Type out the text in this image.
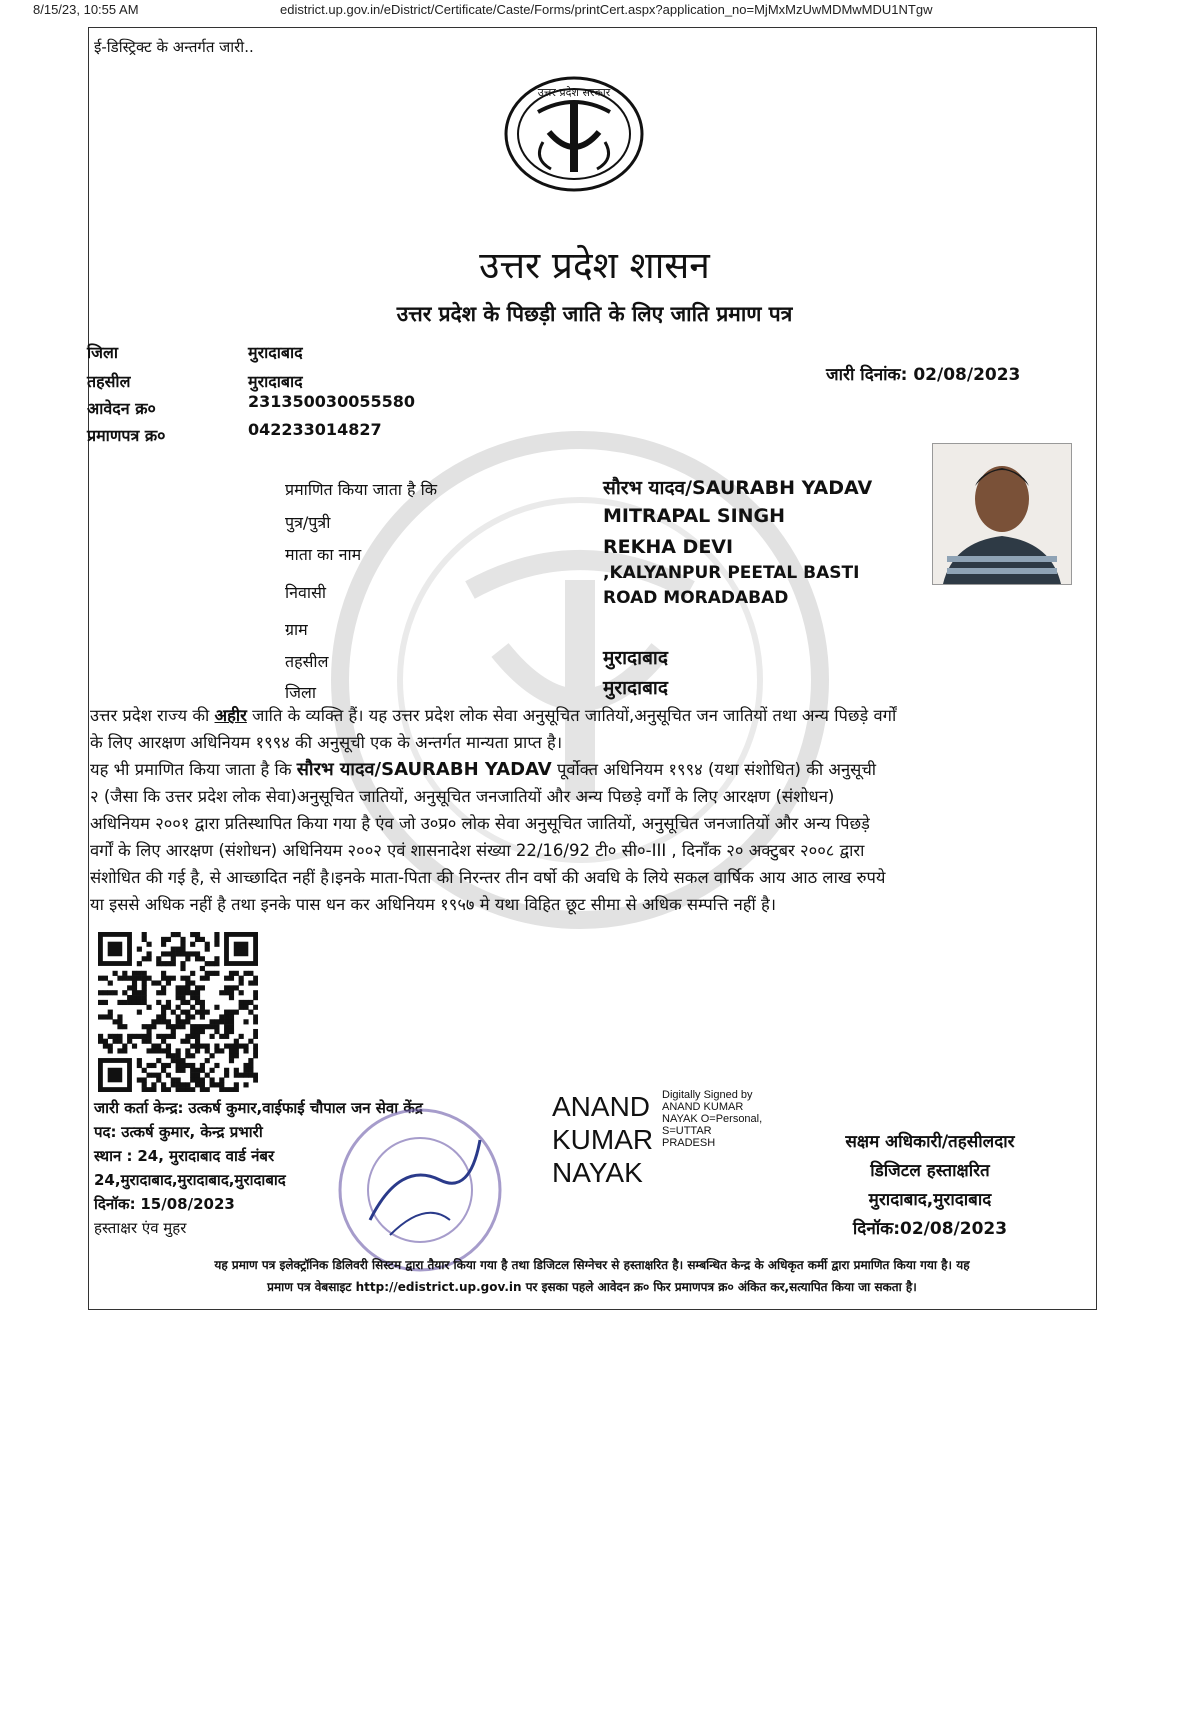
8/15/23, 10:55 AM	edistrict.up.gov.in/eDistrict/Certificate/Caste/Forms/printCert.aspx?application_no=MjMxMzUwMDMwMDU1NTgw
ई-डिस्ट्रिक्ट के अन्तर्गत जारी..
उत्तर प्रदेश सरकार
उत्तर प्रदेश शासन
उत्तर प्रदेश के पिछड़ी जाति के लिए जाति प्रमाण पत्र
जिला	मुरादाबाद
तहसील	मुरादाबाद
आवेदन क्र०	231350030055580
प्रमाणपत्र क्र०	042233014827
जारी दिनांक: 02/08/2023
प्रमाणित किया जाता है कि	सौरभ यादव/SAURABH YADAV
पुत्र/पुत्री	MITRAPAL SINGH
माता का नाम	REKHA DEVI
निवासी
,KALYANPUR PEETAL BASTI
ROAD MORADABAD
ग्राम
तहसील	मुरादाबाद
जिला	मुरादाबाद
उत्तर प्रदेश राज्य की अहीर जाति के व्यक्ति हैं। यह उत्तर प्रदेश लोक सेवा अनुसूचित जातियों,अनुसूचित जन जातियों तथा अन्य पिछड़े वर्गों
के लिए आरक्षण अधिनियम १९९४ की अनुसूची एक के अन्तर्गत मान्यता प्राप्त है।
यह भी प्रमाणित किया जाता है कि सौरभ यादव/SAURABH YADAV पूर्वोक्त अधिनियम १९९४ (यथा संशोधित) की अनुसूची
२ (जैसा कि उत्तर प्रदेश लोक सेवा)अनुसूचित जातियों, अनुसूचित जनजातियों और अन्य पिछड़े वर्गों के लिए आरक्षण (संशोधन)
अधिनियम २००१ द्वारा प्रतिस्थापित किया गया है एंव जो उ०प्र० लोक सेवा अनुसूचित जातियों, अनुसूचित जनजातियों और अन्य पिछड़े
वर्गों के लिए आरक्षण (संशोधन) अधिनियम २००२ एवं शासनादेश संख्या 22/16/92 टी० सी०-III , दिनाँक २० अक्टुबर २००८ द्वारा
संशोधित की गई है, से आच्छादित नहीं है।इनके माता-पिता की निरन्तर तीन वर्षो की अवधि के लिये सकल वार्षिक आय आठ लाख रुपये
या इससे अधिक नहीं है तथा इनके पास धन कर अधिनियम १९५७ मे यथा विहित छूट सीमा से अधिक सम्पत्ति नहीं है।
जारी कर्ता केन्द्र: उत्कर्ष कुमार,वाईफाई चौपाल जन सेवा केंद्र
पद: उत्कर्ष कुमार, केन्द्र प्रभारी
स्थान : 24, मुरादाबाद वार्ड नंबर
24,मुरादाबाद,मुरादाबाद,मुरादाबाद
दिनॉक: 15/08/2023
हस्ताक्षर एंव मुहर
ANAND
KUMAR
NAYAK
Digitally Signed by
ANAND KUMAR
NAYAK O=Personal,
S=UTTAR
PRADESH	सक्षम अधिकारी/तहसीलदार
डिजिटल हस्ताक्षरित
मुरादाबाद,मुरादाबाद
दिनॉक:02/08/2023
यह प्रमाण पत्र इलेक्ट्रॉनिक डिलिवरी सिस्टम द्वारा तैयार किया गया है तथा डिजिटल सिग्नेचर से हस्ताक्षरित है। सम्बन्धित केन्द्र के अधिकृत कर्मी द्वारा प्रमाणित किया गया है। यह
प्रमाण पत्र वेबसाइट http://edistrict.up.gov.in पर इसका पहले आवेदन क्र० फिर प्रमाणपत्र क्र० अंकित कर,सत्यापित किया जा सकता है।
